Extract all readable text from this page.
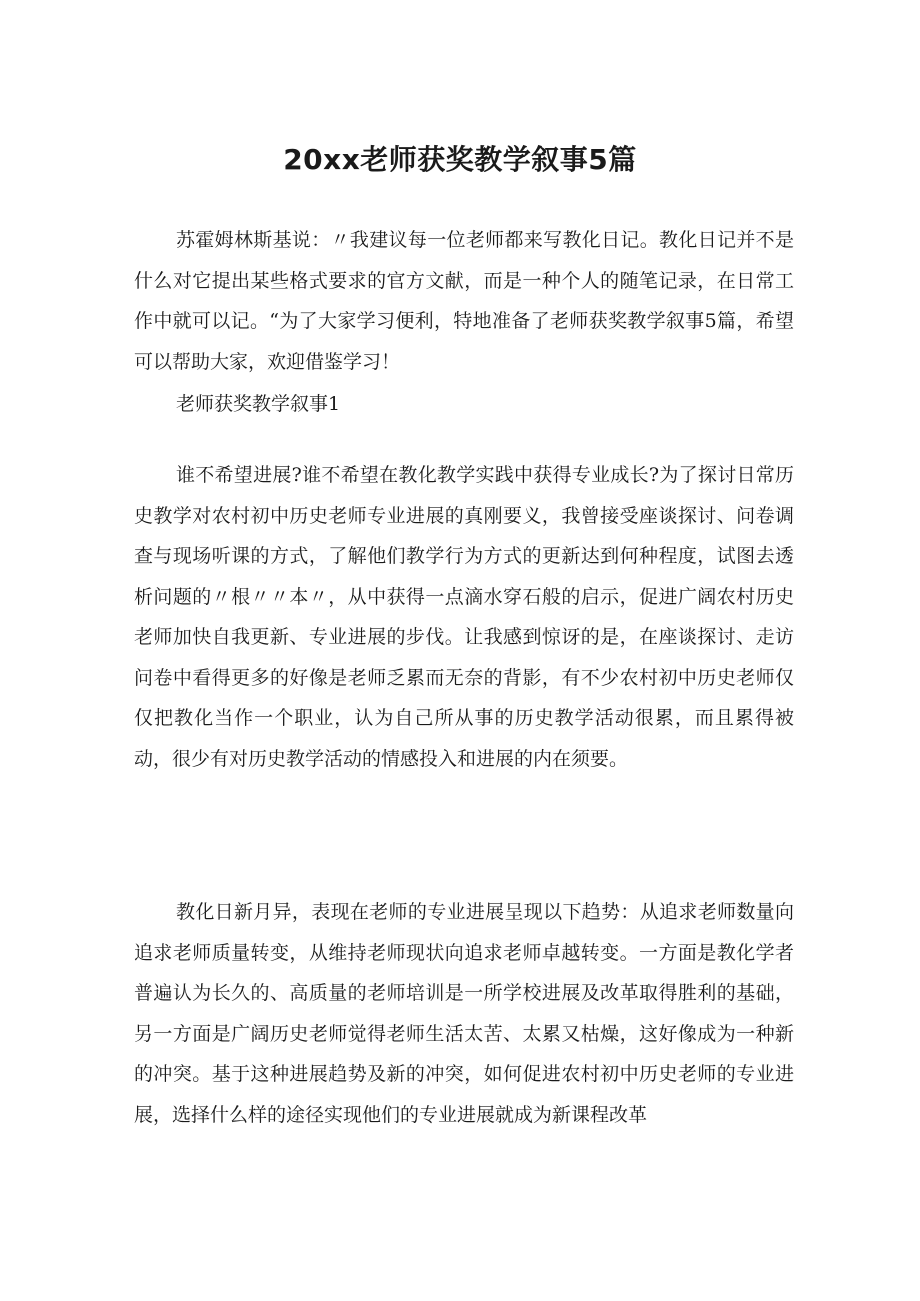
20xx老师获奖教学叙事5篇

苏霍姆林斯基说：〃我建议每一位老师都来写教化日记。教化日记并不是什么对它提出某些格式要求的官方文献，而是一种个人的随笔记录，在日常工作中就可以记。“为了大家学习便利，特地准备了老师获奖教学叙事5篇，希望可以帮助大家，欢迎借鉴学习！

老师获奖教学叙事1

谁不希望进展?谁不希望在教化教学实践中获得专业成长?为了探讨日常历史教学对农村初中历史老师专业进展的真刚要义，我曾接受座谈探讨、问卷调查与现场听课的方式，了解他们教学行为方式的更新达到何种程度，试图去透析问题的〃根〃〃本〃，从中获得一点滴水穿石般的启示，促进广阔农村历史老师加快自我更新、专业进展的步伐。让我感到惊讶的是，在座谈探讨、走访问卷中看得更多的好像是老师乏累而无奈的背影，有不少农村初中历史老师仅仅把教化当作一个职业，认为自己所从事的历史教学活动很累，而且累得被动，很少有对历史教学活动的情感投入和进展的内在须要。

教化日新月异，表现在老师的专业进展呈现以下趋势：从追求老师数量向追求老师质量转变，从维持老师现状向追求老师卓越转变。一方面是教化学者普遍认为长久的、高质量的老师培训是一所学校进展及改革取得胜利的基础，另一方面是广阔历史老师觉得老师生活太苦、太累又枯燥，这好像成为一种新的冲突。基于这种进展趋势及新的冲突，如何促进农村初中历史老师的专业进展，选择什么样的途径实现他们的专业进展就成为新课程改革
